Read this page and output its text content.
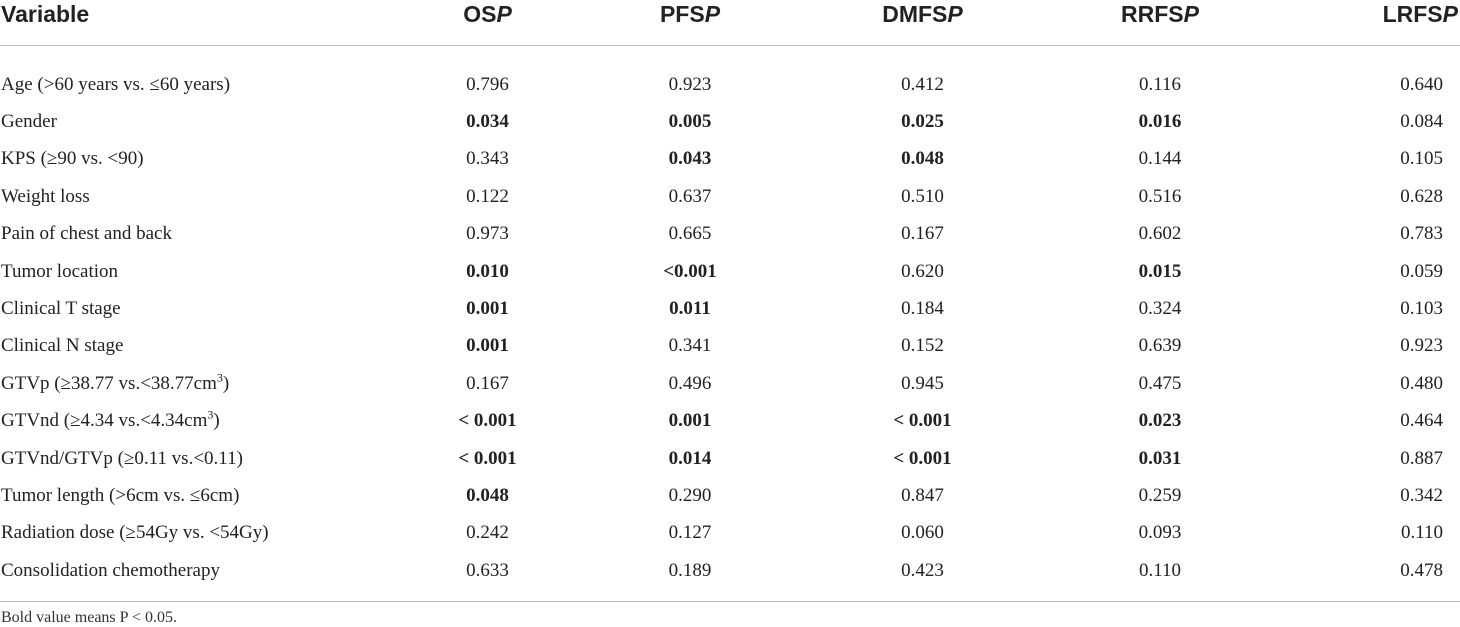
Variable	OSP	PFSP	DMFSP	RRFSP	LRFSP
Age (>60 years vs. ≤60 years)	0.796	0.923	0.412	0.116	0.640
Gender	0.034	0.005	0.025	0.016	0.084
KPS (≥90 vs. <90)	0.343	0.043	0.048	0.144	0.105
Weight loss	0.122	0.637	0.510	0.516	0.628
Pain of chest and back	0.973	0.665	0.167	0.602	0.783
Tumor location	0.010	<0.001	0.620	0.015	0.059
Clinical T stage	0.001	0.011	0.184	0.324	0.103
Clinical N stage	0.001	0.341	0.152	0.639	0.923
GTVp (≥38.77 $vs.<38.77cm^3$)	0.167	0.496	0.945	0.475	0.480
GTVnd (≥4.34 $vs.<4.34cm^3$)	< 0.001	0.001	< 0.001	0.023	0.464
GTVnd/GTVp (≥0.11 vs.<0.11)	< 0.001	0.014	< 0.001	0.031	0.887
Tumor length (>6cm vs. ≤6cm)	0.048	0.290	0.847	0.259	0.342
Radiation dose (≥54Gy vs. <54Gy)	0.242	0.127	0.060	0.093	0.110
Consolidation chemotherapy	0.633	0.189	0.423	0.110	0.478
Bold value means P < 0.05.
